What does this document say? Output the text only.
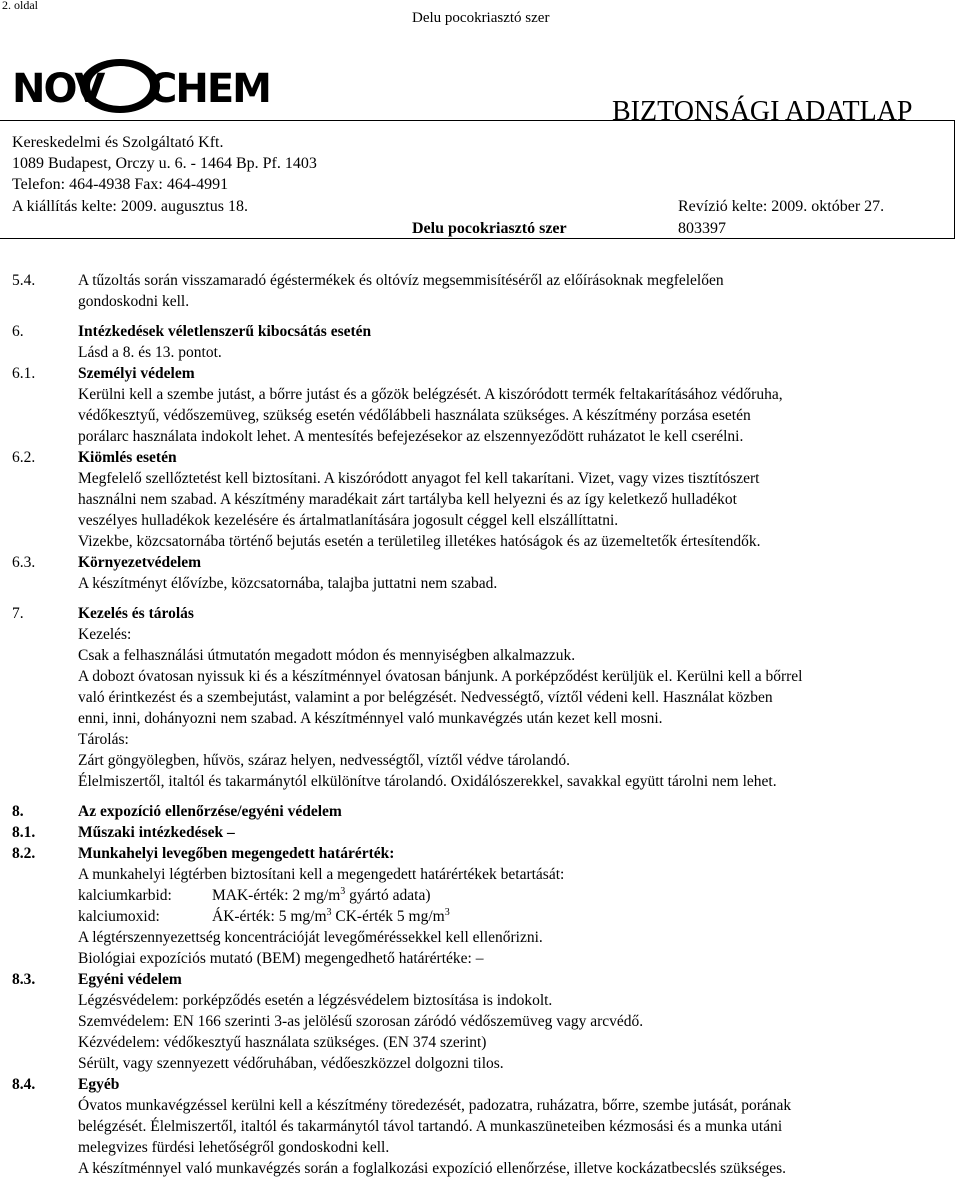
2. oldal
Delu pocokriasztó szer
NOV CHEM	BIZTONSÁGI ADATLAP
Kereskedelmi és Szolgáltató Kft.
1089 Budapest, Orczy u. 6. - 1464 Bp. Pf. 1403
Telefon: 464-4938 Fax: 464-4991
A kiállítás kelte: 2009. augusztus 18.	Revízió kelte: 2009. október 27.
Delu pocokriasztó szer	803397
5.4.	A tűzoltás során visszamaradó égéstermékek és oltóvíz megsemmisítéséről az előírásoknak megfelelően
gondoskodni kell.
6.	Intézkedések véletlenszerű kibocsátás esetén
Lásd a 8. és 13. pontot.
6.1.	Személyi védelem
Kerülni kell a szembe jutást, a bőrre jutást és a gőzök belégzését. A kiszóródott termék feltakarításához védőruha,
védőkesztyű, védőszemüveg, szükség esetén védőlábbeli használata szükséges. A készítmény porzása esetén
porálarc használata indokolt lehet. A mentesítés befejezésekor az elszennyeződött ruházatot le kell cserélni.
6.2.	Kiömlés esetén
Megfelelő szellőztetést kell biztosítani. A kiszóródott anyagot fel kell takarítani. Vizet, vagy vizes tisztítószert
használni nem szabad. A készítmény maradékait zárt tartályba kell helyezni és az így keletkező hulladékot
veszélyes hulladékok kezelésére és ártalmatlanítására jogosult céggel kell elszállíttatni.
Vizekbe, közcsatornába történő bejutás esetén a területileg illetékes hatóságok és az üzemeltetők értesítendők.
6.3.	Környezetvédelem
A készítményt élővízbe, közcsatornába, talajba juttatni nem szabad.
7.	Kezelés és tárolás
Kezelés:
Csak a felhasználási útmutatón megadott módon és mennyiségben alkalmazzuk.
A dobozt óvatosan nyissuk ki és a készítménnyel óvatosan bánjunk. A porképződést kerüljük el. Kerülni kell a bőrrel
való érintkezést és a szembejutást, valamint a por belégzését. Nedvességtő, víztől védeni kell. Használat közben
enni, inni, dohányozni nem szabad. A készítménnyel való munkavégzés után kezet kell mosni.
Tárolás:
Zárt göngyölegben, hűvös, száraz helyen, nedvességtől, víztől védve tárolandó.
Élelmiszertől, italtól és takarmánytól elkülönítve tárolandó. Oxidálószerekkel, savakkal együtt tárolni nem lehet.
8.	Az expozíció ellenőrzése/egyéni védelem
8.1.	Műszaki intézkedések –
8.2.	Munkahelyi levegőben megengedett határérték:
A munkahelyi légtérben biztosítani kell a megengedett határértékek betartását:
kalciumkarbid:	MAK-érték: 2 $mg/m^3$ gyártó adata)
kalciumoxid:	ÁK-érték: 5 $mg/m^3$ CK-érték 5 $mg/m^3$
A légtérszennyezettség koncentrációját levegőméréssekkel kell ellenőrizni.
Biológiai expozíciós mutató (BEM) megengedhető határértéke: –
8.3.	Egyéni védelem
Légzésvédelem: porképződés esetén a légzésvédelem biztosítása is indokolt.
Szemvédelem: EN 166 szerinti 3-as jelölésű szorosan záródó védőszemüveg vagy arcvédő.
Kézvédelem: védőkesztyű használata szükséges. (EN 374 szerint)
Sérült, vagy szennyezett védőruhában, védőeszközzel dolgozni tilos.
8.4.	Egyéb
Óvatos munkavégzéssel kerülni kell a készítmény töredezését, padozatra, ruházatra, bőrre, szembe jutását, porának
belégzését. Élelmiszertől, italtól és takarmánytól távol tartandó. A munkaszüneteiben kézmosási és a munka utáni
melegvizes fürdési lehetőségről gondoskodni kell.
A készítménnyel való munkavégzés során a foglalkozási expozíció ellenőrzése, illetve kockázatbecslés szükséges.
